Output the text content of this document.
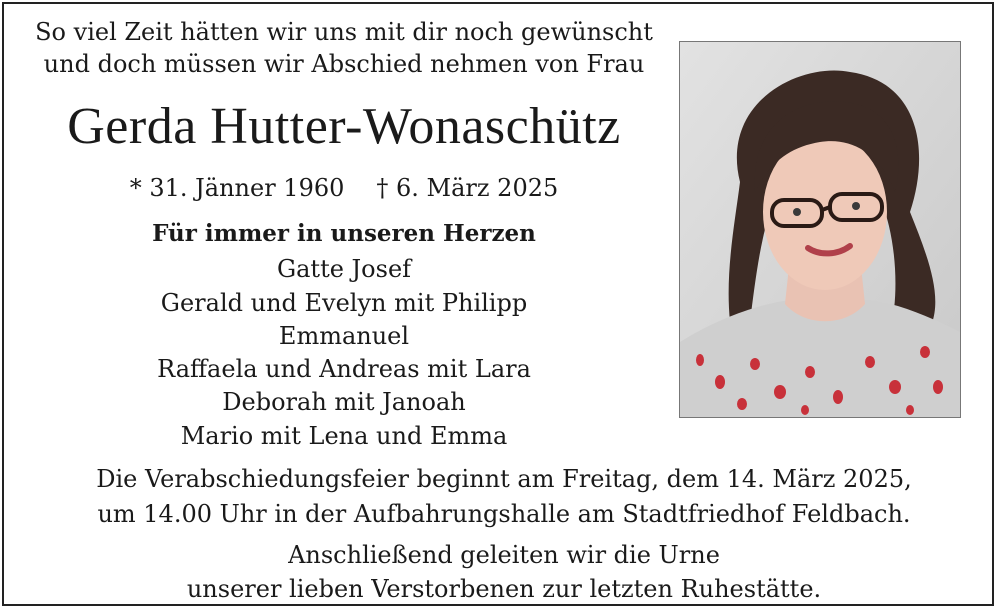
So viel Zeit hätten wir uns mit dir noch gewünscht
und doch müssen wir Abschied nehmen von Frau
Gerda Hutter-Wonaschütz
* 31. Jänner 1960 † 6. März 2025
Für immer in unseren Herzen
Gatte Josef
Gerald und Evelyn mit Philipp
Emmanuel
Raffaela und Andreas mit Lara
Deborah mit Janoah
Mario mit Lena und Emma
Die Verabschiedungsfeier beginnt am Freitag, dem 14. März 2025,
um 14.00 Uhr in der Aufbahrungshalle am Stadtfriedhof Feldbach.
Anschließend geleiten wir die Urne
unserer lieben Verstorbenen zur letzten Ruhestätte.
